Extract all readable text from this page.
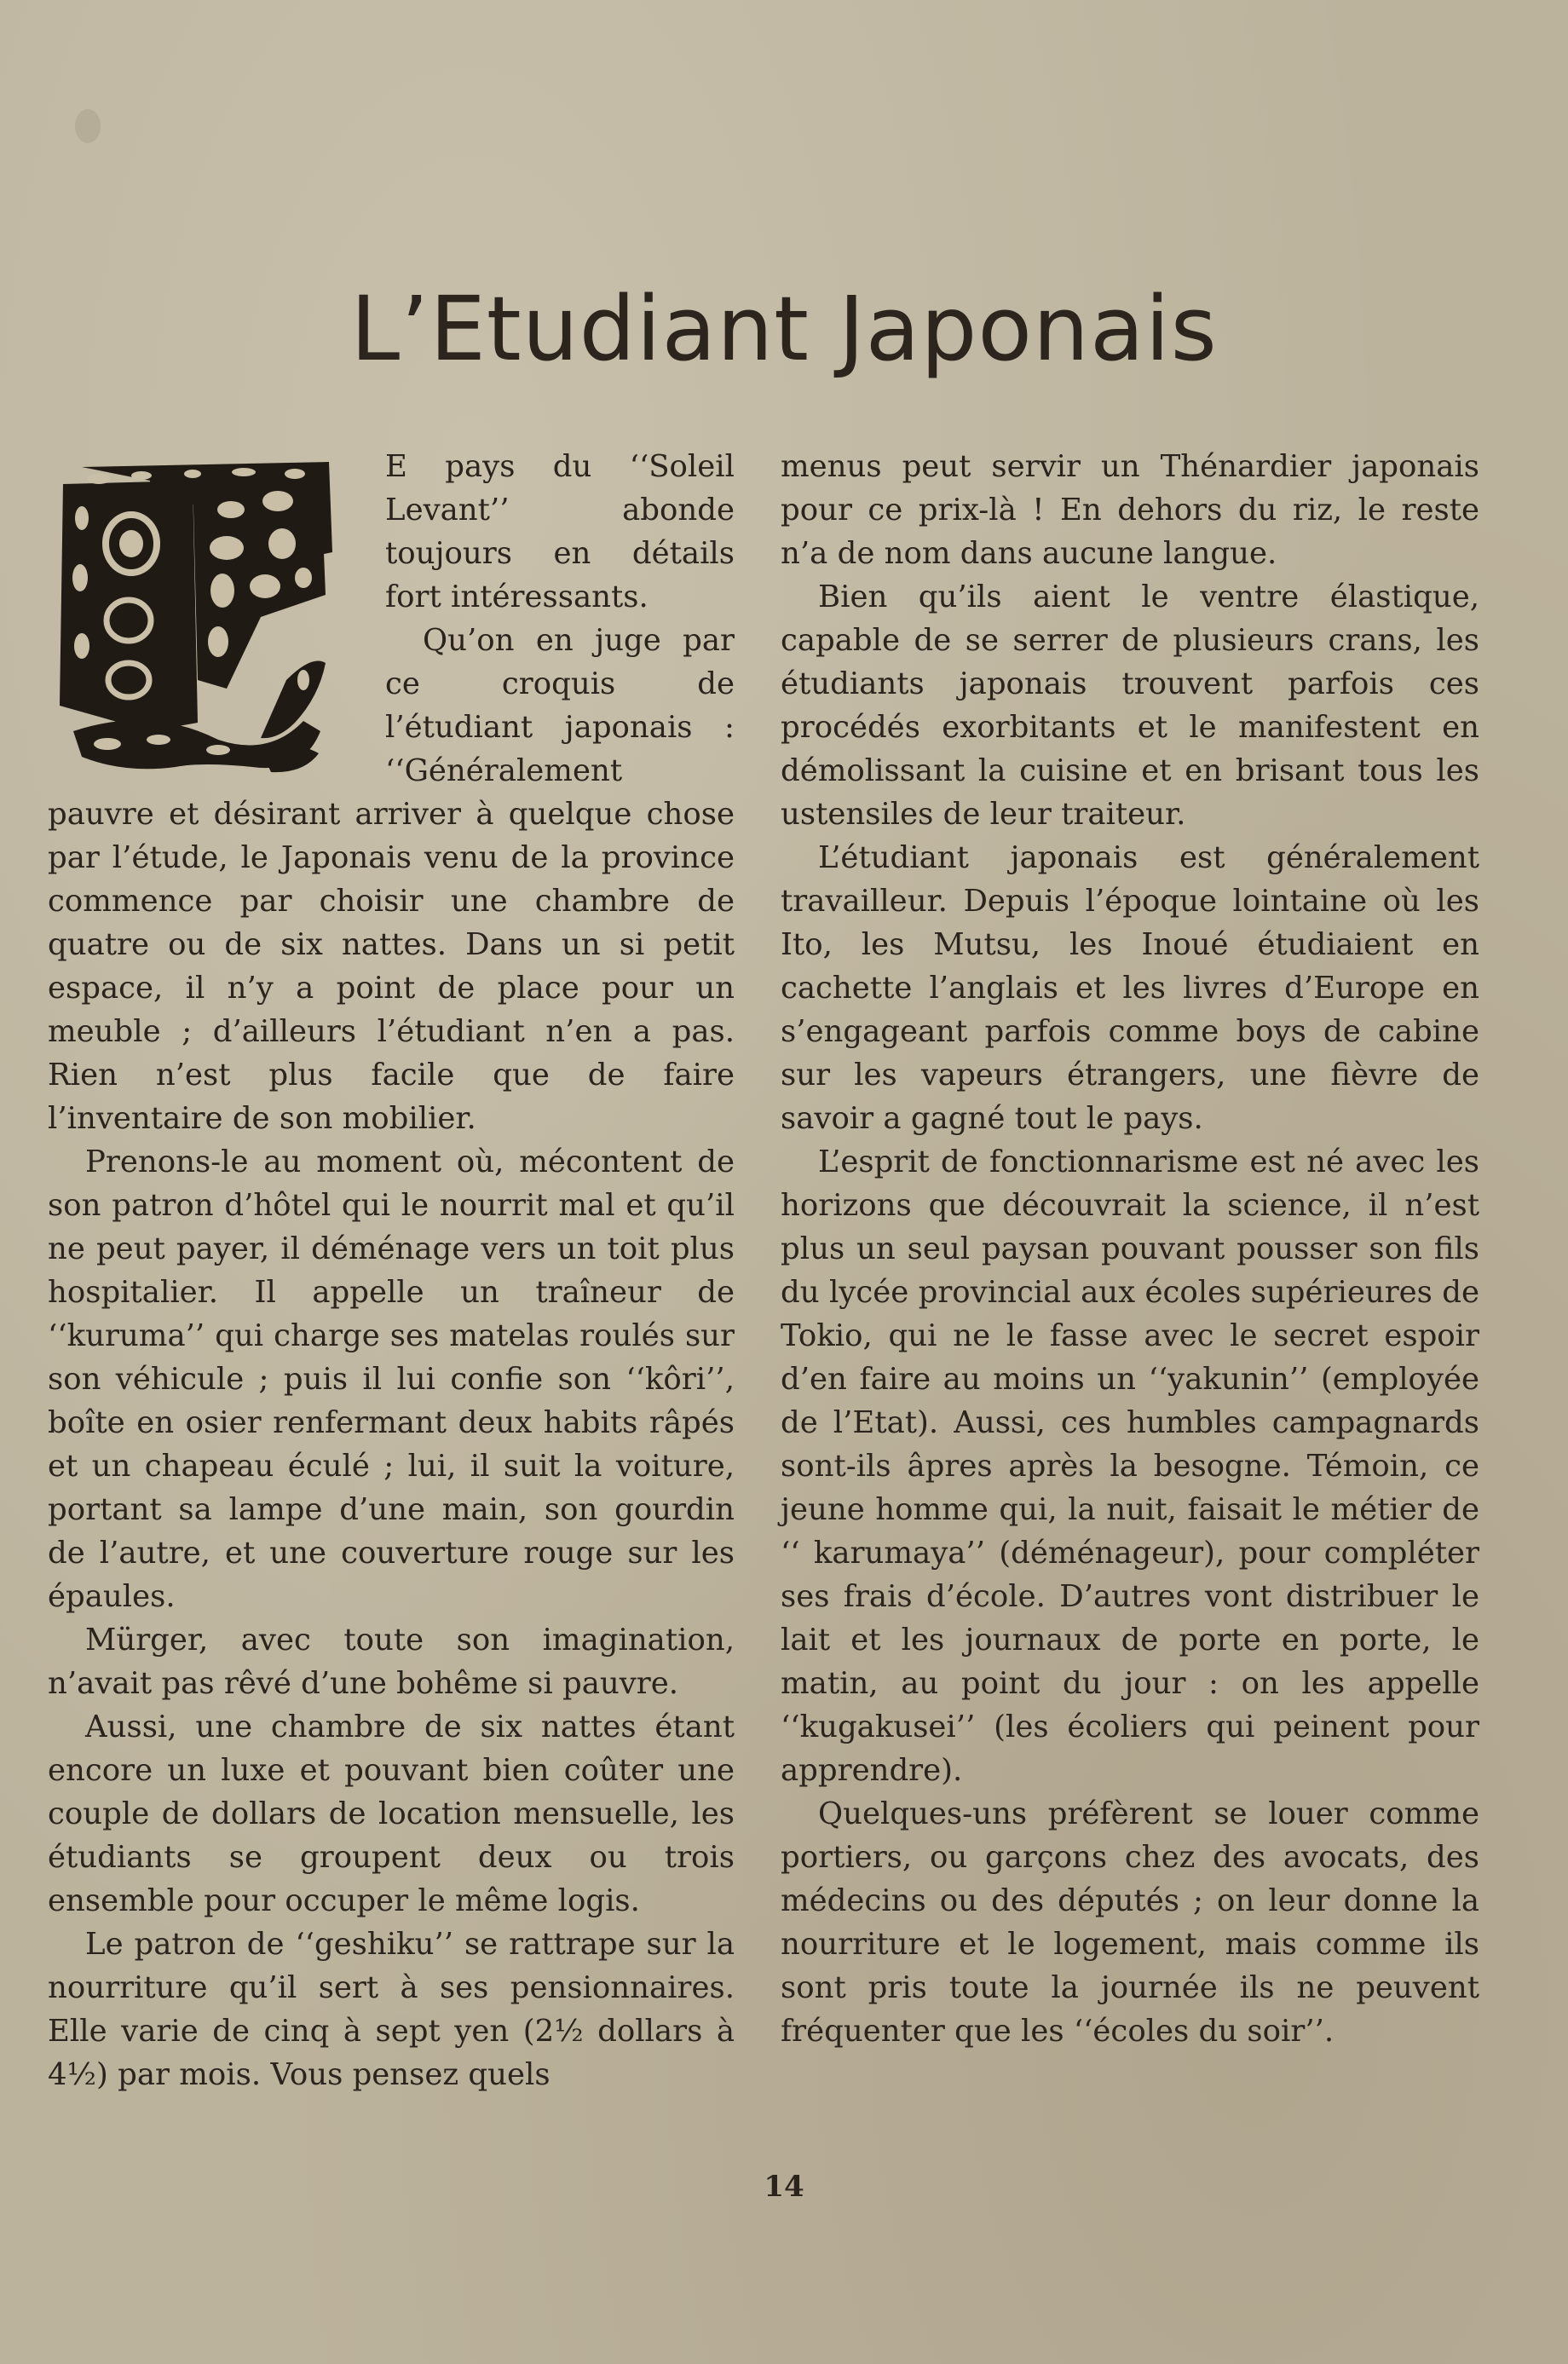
L’Etudiant Japonais

E pays du ‘‘Soleil Levant’’ abonde toujours en détails fort intéressants.

Qu’on en juge par ce croquis de l’étudiant japonais : ‘‘Généralement pauvre et désirant arriver à quelque chose par l’étude, le Japonais venu de la province commence par choisir une chambre de quatre ou de six nattes. Dans un si petit espace, il n’y a point de place pour un meuble ; d’ailleurs l’étudiant n’en a pas. Rien n’est plus facile que de faire l’inventaire de son mobilier.

Prenons-le au moment où, mécontent de son patron d’hôtel qui le nourrit mal et qu’il ne peut payer, il déménage vers un toit plus hospitalier. Il appelle un traîneur de ‘‘kuruma’’ qui charge ses matelas roulés sur son véhicule ; puis il lui confie son ‘‘kôri’’, boîte en osier renfermant deux habits râpés et un chapeau éculé ; lui, il suit la voiture, portant sa lampe d’une main, son gourdin de l’autre, et une couverture rouge sur les épaules.

Mürger, avec toute son imagination, n’avait pas rêvé d’une bohême si pauvre.

Aussi, une chambre de six nattes étant encore un luxe et pouvant bien coûter une couple de dollars de location mensuelle, les étudiants se groupent deux ou trois ensemble pour occuper le même logis.

Le patron de ‘‘geshiku’’ se rattrape sur la nourriture qu’il sert à ses pensionnaires. Elle varie de cinq à sept yen (2½ dollars à 4½) par mois. Vous pensez quels

menus peut servir un Thénardier japonais pour ce prix-là ! En dehors du riz, le reste n’a de nom dans aucune langue.

Bien qu’ils aient le ventre élastique, capable de se serrer de plusieurs crans, les étudiants japonais trouvent parfois ces procédés exorbitants et le manifestent en démolissant la cuisine et en brisant tous les ustensiles de leur traiteur.

L’étudiant japonais est généralement travailleur. Depuis l’époque lointaine où les Ito, les Mutsu, les Inoué étudiaient en cachette l’anglais et les livres d’Europe en s’engageant parfois comme boys de cabine sur les vapeurs étrangers, une fièvre de savoir a gagné tout le pays.

L’esprit de fonctionnarisme est né avec les horizons que découvrait la science, il n’est plus un seul paysan pouvant pousser son fils du lycée provincial aux écoles supérieures de Tokio, qui ne le fasse avec le secret espoir d’en faire au moins un ‘‘yakunin’’ (employée de l’Etat). Aussi, ces humbles campagnards sont-ils âpres après la besogne. Témoin, ce jeune homme qui, la nuit, faisait le métier de ‘‘ karumaya’’ (déménageur), pour compléter ses frais d’école. D’autres vont distribuer le lait et les journaux de porte en porte, le matin, au point du jour : on les appelle ‘‘kugakusei’’ (les écoliers qui peinent pour apprendre).

Quelques-uns préfèrent se louer comme portiers, ou garçons chez des avocats, des médecins ou des députés ; on leur donne la nourriture et le logement, mais comme ils sont pris toute la journée ils ne peuvent fréquenter que les ‘‘écoles du soir’’.

14
